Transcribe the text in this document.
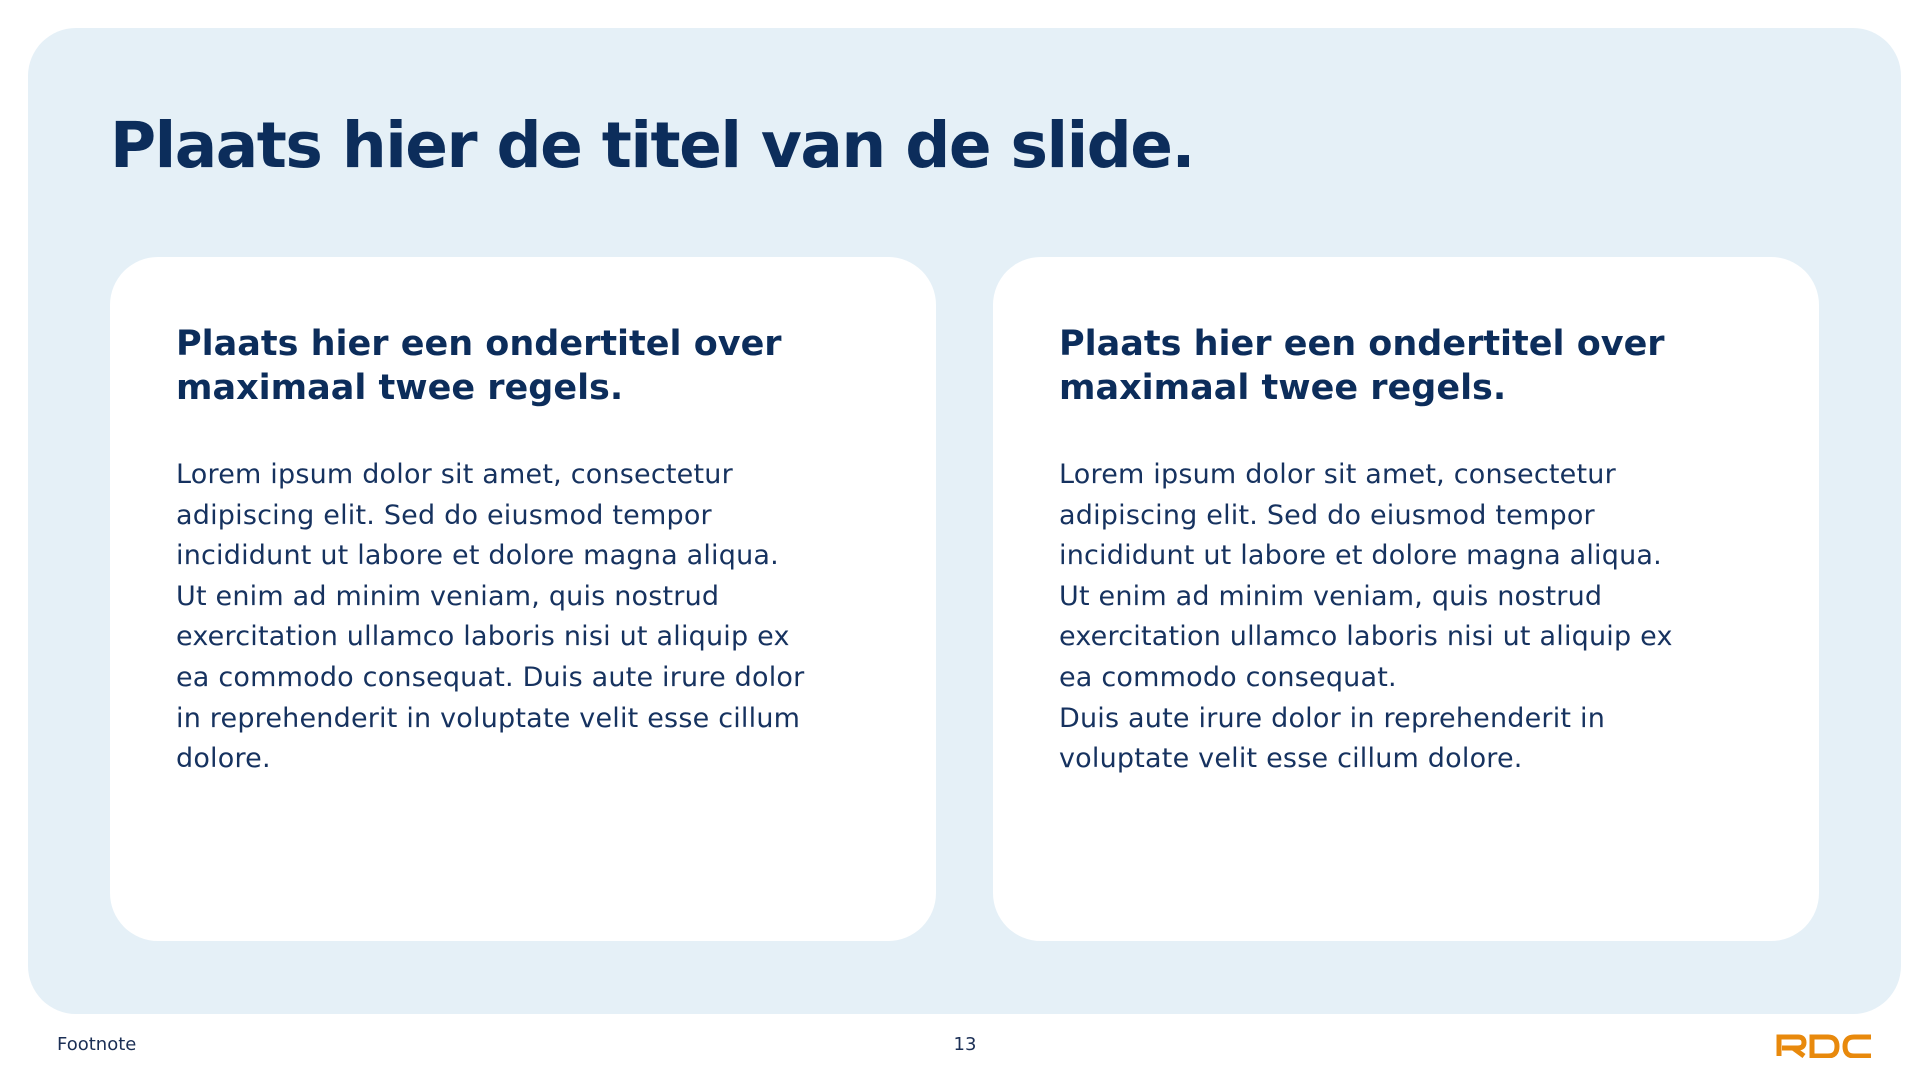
Plaats hier de titel van de slide.
Plaats hier een ondertitel over
maximaal twee regels.

Lorem ipsum dolor sit amet, consectetur
adipiscing elit. Sed do eiusmod tempor
incididunt ut labore et dolore magna aliqua.
Ut enim ad minim veniam, quis nostrud
exercitation ullamco laboris nisi ut aliquip ex
ea commodo consequat. Duis aute irure dolor
in reprehenderit in voluptate velit esse cillum
dolore.

Plaats hier een ondertitel over
maximaal twee regels.

Lorem ipsum dolor sit amet, consectetur
adipiscing elit. Sed do eiusmod tempor
incididunt ut labore et dolore magna aliqua.
Ut enim ad minim veniam, quis nostrud
exercitation ullamco laboris nisi ut aliquip ex
ea commodo consequat.
Duis aute irure dolor in reprehenderit in
voluptate velit esse cillum dolore.

Footnote	13
